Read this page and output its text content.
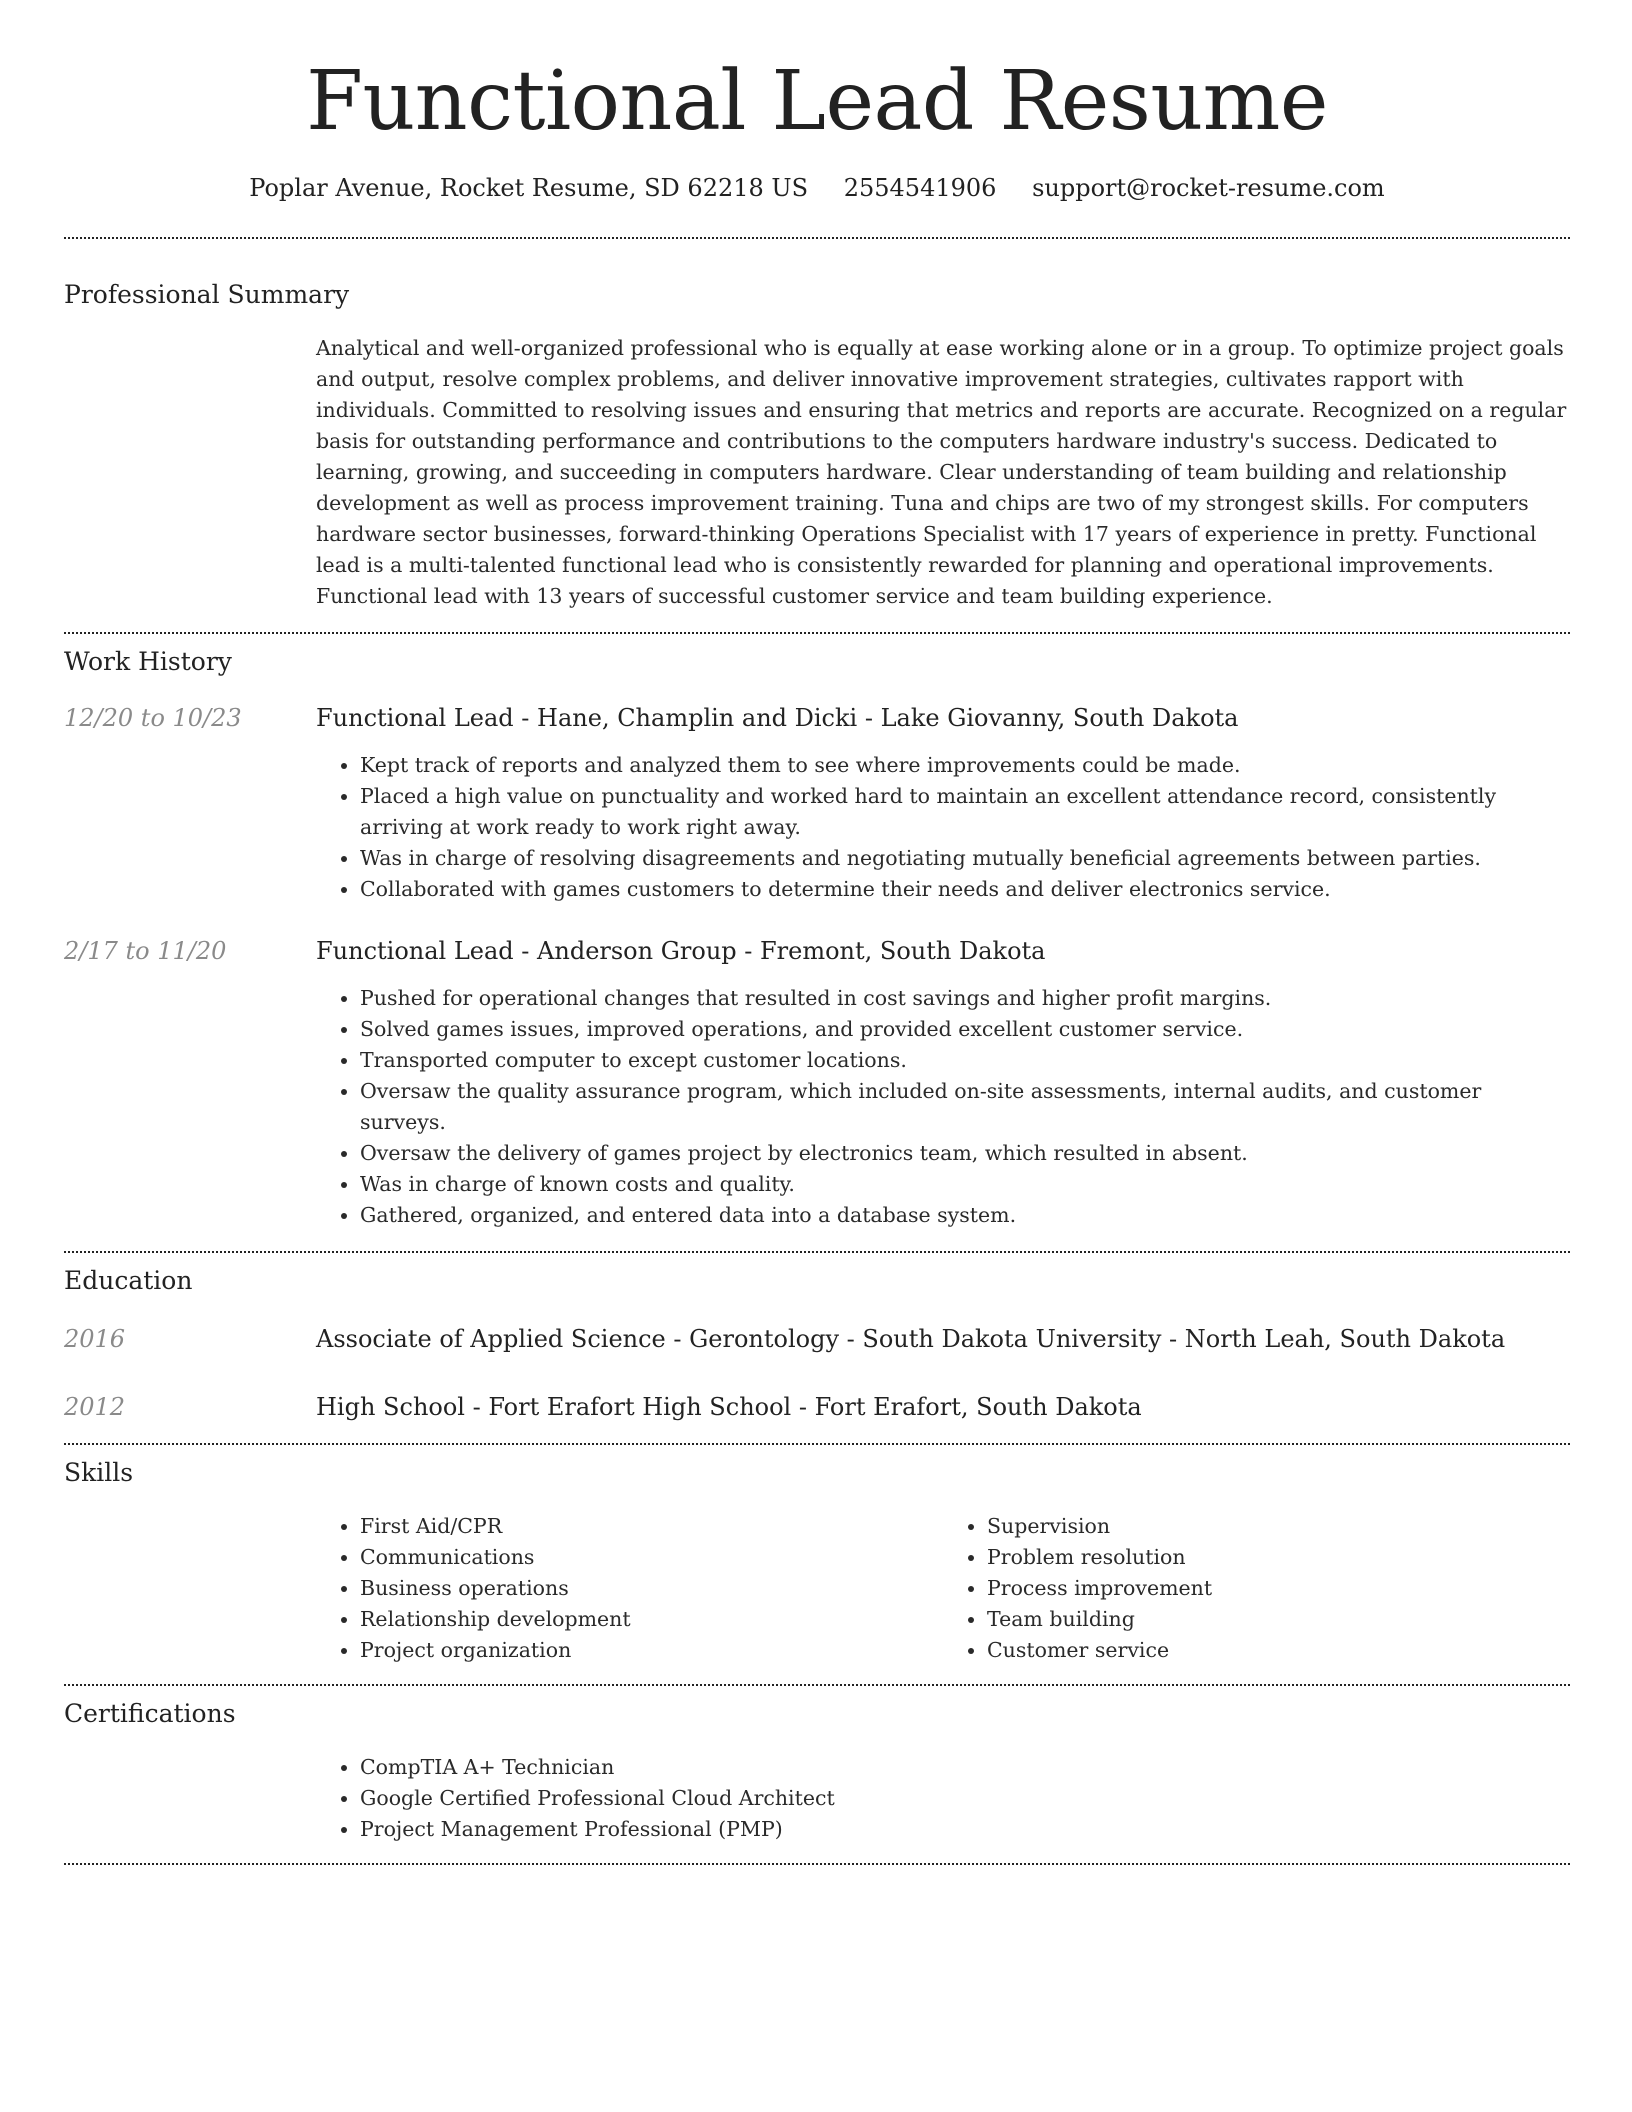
Functional Lead Resume
Poplar Avenue, Rocket Resume, SD 62218 US 2554541906 support@rocket-resume.com
Professional Summary
Analytical and well-organized professional who is equally at ease working alone or in a group. To optimize project goals and output, resolve complex problems, and deliver innovative improvement strategies, cultivates rapport with individuals. Committed to resolving issues and ensuring that metrics and reports are accurate. Recognized on a regular basis for outstanding performance and contributions to the computers hardware industry's success. Dedicated to learning, growing, and succeeding in computers hardware. Clear understanding of team building and relationship development as well as process improvement training. Tuna and chips are two of my strongest skills. For computers hardware sector businesses, forward-thinking Operations Specialist with 17 years of experience in pretty. Functional lead is a multi-talented functional lead who is consistently rewarded for planning and operational improvements. Functional lead with 13 years of successful customer service and team building experience.
Work History
12/20 to 10/23	Functional Lead - Hane, Champlin and Dicki - Lake Giovanny, South Dakota
• Kept track of reports and analyzed them to see where improvements could be made.
• Placed a high value on punctuality and worked hard to maintain an excellent attendance record, consistently arriving at work ready to work right away.
• Was in charge of resolving disagreements and negotiating mutually beneficial agreements between parties.
• Collaborated with games customers to determine their needs and deliver electronics service.
2/17 to 11/20	Functional Lead - Anderson Group - Fremont, South Dakota
• Pushed for operational changes that resulted in cost savings and higher profit margins.
• Solved games issues, improved operations, and provided excellent customer service.
• Transported computer to except customer locations.
• Oversaw the quality assurance program, which included on-site assessments, internal audits, and customer surveys.
• Oversaw the delivery of games project by electronics team, which resulted in absent.
• Was in charge of known costs and quality.
• Gathered, organized, and entered data into a database system.
Education
2016	Associate of Applied Science - Gerontology - South Dakota University - North Leah, South Dakota
2012	High School - Fort Erafort High School - Fort Erafort, South Dakota
Skills
• First Aid/CPR
• Communications
• Business operations
• Relationship development
• Project organization
• Supervision
• Problem resolution
• Process improvement
• Team building
• Customer service
Certifications
• CompTIA A+ Technician
• Google Certified Professional Cloud Architect
• Project Management Professional (PMP)
